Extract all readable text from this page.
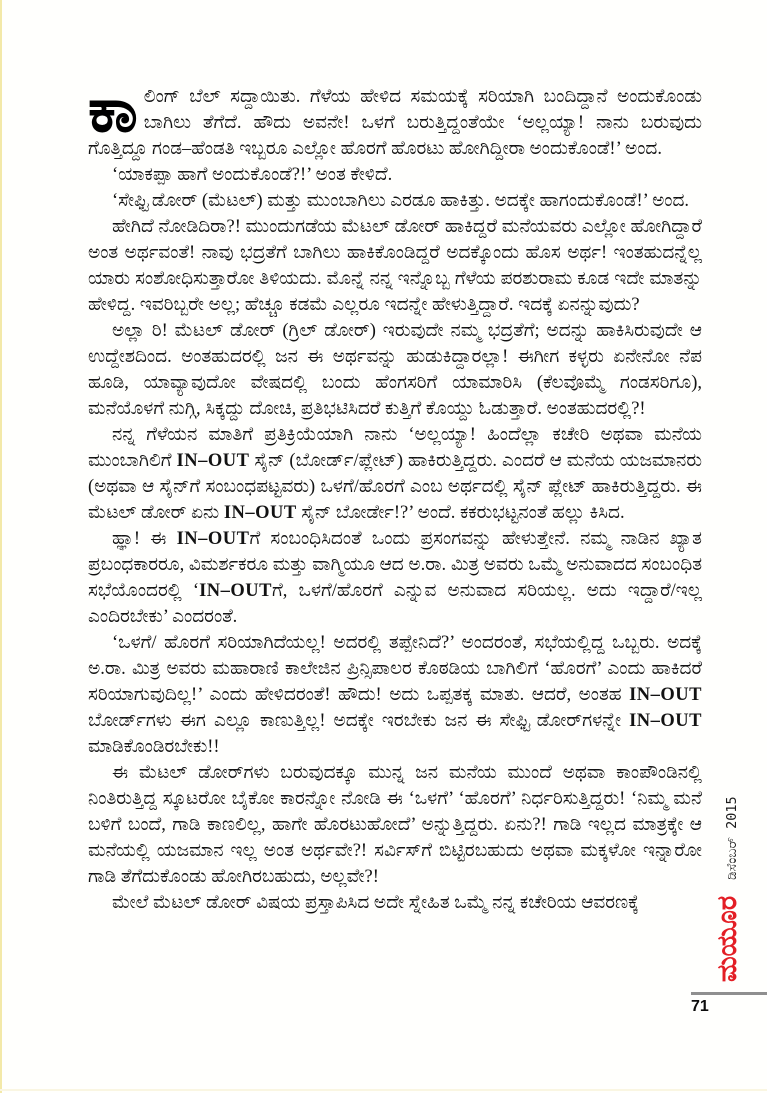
ಕಾಲಿಂಗ್ ಬೆಲ್ ಸದ್ದಾಯಿತು. ಗೆಳೆಯ ಹೇಳಿದ ಸಮಯಕ್ಕೆ ಸರಿಯಾಗಿ ಬಂದಿದ್ದಾನೆ ಅಂದುಕೊಂಡು ಬಾಗಿಲು ತೆಗೆದೆ. ಹೌದು ಅವನೇ! ಒಳಗೆ ಬರುತ್ತಿದ್ದಂತೆಯೇ ‘ಅಲ್ಲಯ್ಯಾ! ನಾನು ಬರುವುದು ಗೊತ್ತಿದ್ದೂ ಗಂಡ–ಹೆಂಡತಿ ಇಬ್ಬರೂ ಎಲ್ಲೋ ಹೊರಗೆ ಹೊರಟು ಹೋಗಿದ್ದೀರಾ ಅಂದುಕೊಂಡೆ!’ ಅಂದ.

‘ಯಾಕಪ್ಪಾ ಹಾಗೆ ಅಂದುಕೊಂಡೆ?!’ ಅಂತ ಕೇಳಿದೆ.

‘ಸೇಫ್ಟಿ ಡೋರ್ (ಮೆಟಲ್) ಮತ್ತು ಮುಂಬಾಗಿಲು ಎರಡೂ ಹಾಕಿತ್ತು. ಅದಕ್ಕೇ ಹಾಗಂದುಕೊಂಡೆ!’ ಅಂದ.

ಹೇಗಿದೆ ನೋಡಿದಿರಾ?! ಮುಂದುಗಡೆಯ ಮೆಟಲ್ ಡೋರ್ ಹಾಕಿದ್ದರೆ ಮನೆಯವರು ಎಲ್ಲೋ ಹೋಗಿದ್ದಾರೆ ಅಂತ ಅರ್ಥವಂತೆ! ನಾವು ಭದ್ರತೆಗೆ ಬಾಗಿಲು ಹಾಕಿಕೊಂಡಿದ್ದರೆ ಅದಕ್ಕೊಂದು ಹೊಸ ಅರ್ಥ! ಇಂತಹುದನ್ನೆಲ್ಲ ಯಾರು ಸಂಶೋಧಿಸುತ್ತಾರೋ ತಿಳಿಯದು. ಮೊನ್ನೆ ನನ್ನ ಇನ್ನೊಬ್ಬ ಗೆಳೆಯ ಪರಶುರಾಮ ಕೂಡ ಇದೇ ಮಾತನ್ನು ಹೇಳಿದ್ದ. ಇವರಿಬ್ಬರೇ ಅಲ್ಲ; ಹೆಚ್ಚೂ ಕಡಮೆ ಎಲ್ಲರೂ ಇದನ್ನೇ ಹೇಳುತ್ತಿದ್ದಾರೆ. ಇದಕ್ಕೆ ಏನನ್ನುವುದು?

ಅಲ್ಲಾ ರಿ! ಮೆಟಲ್ ಡೋರ್ (ಗ್ರಿಲ್ ಡೋರ್) ಇರುವುದೇ ನಮ್ಮ ಭದ್ರತೆಗೆ; ಅದನ್ನು ಹಾಕಿಸಿರುವುದೇ ಆ ಉದ್ದೇಶದಿಂದ. ಅಂತಹುದರಲ್ಲಿ ಜನ ಈ ಅರ್ಥವನ್ನು ಹುಡುಕಿದ್ದಾರಲ್ಲಾ! ಈಗೀಗ ಕಳ್ಳರು ಏನೇನೋ ನೆಪ ಹೂಡಿ, ಯಾವ್ಯಾವುದೋ ವೇಷದಲ್ಲಿ ಬಂದು ಹೆಂಗಸರಿಗೆ ಯಾಮಾರಿಸಿ (ಕೆಲವೊಮ್ಮೆ ಗಂಡಸರಿಗೂ), ಮನೆಯೊಳಗೆ ನುಗ್ಗಿ, ಸಿಕ್ಕದ್ದು ದೋಚಿ, ಪ್ರತಿಭಟಿಸಿದರೆ ಕುತ್ತಿಗೆ ಕೊಯ್ದು ಓಡುತ್ತಾರೆ. ಅಂತಹುದರಲ್ಲಿ?!

ನನ್ನ ಗೆಳೆಯನ ಮಾತಿಗೆ ಪ್ರತಿಕ್ರಿಯೆಯಾಗಿ ನಾನು ‘ಅಲ್ಲಯ್ಯಾ! ಹಿಂದೆಲ್ಲಾ ಕಚೇರಿ ಅಥವಾ ಮನೆಯ ಮುಂಬಾಗಿಲಿಗೆ IN–OUT ಸೈನ್ (ಬೋರ್ಡ್/ಪ್ಲೇಟ್) ಹಾಕಿರುತ್ತಿದ್ದರು. ಎಂದರೆ ಆ ಮನೆಯ ಯಜಮಾನರು (ಅಥವಾ ಆ ಸೈನ್‌ಗೆ ಸಂಬಂಧಪಟ್ಟವರು) ಒಳಗೆ/ಹೊರಗೆ ಎಂಬ ಅರ್ಥದಲ್ಲಿ ಸೈನ್ ಪ್ಲೇಟ್ ಹಾಕಿರುತ್ತಿದ್ದರು. ಈ ಮೆಟಲ್ ಡೋರ್ ಏನು IN–OUT ಸೈನ್ ಬೋರ್ಡೇ!?’ ಅಂದೆ. ಕಕರುಭಟ್ಟನಂತೆ ಹಲ್ಲು ಕಿಸಿದ.

ಹ್ಞಾ! ಈ IN–OUTಗೆ ಸಂಬಂಧಿಸಿದಂತೆ ಒಂದು ಪ್ರಸಂಗವನ್ನು ಹೇಳುತ್ತೇನೆ. ನಮ್ಮ ನಾಡಿನ ಖ್ಯಾತ ಪ್ರಬಂಧಕಾರರೂ, ವಿಮರ್ಶಕರೂ ಮತ್ತು ವಾಗ್ಮಿಯೂ ಆದ ಅ.ರಾ. ಮಿತ್ರ ಅವರು ಒಮ್ಮೆ ಅನುವಾದದ ಸಂಬಂಧಿತ ಸಭೆಯೊಂದರಲ್ಲಿ ‘IN–OUTಗೆ, ಒಳಗೆ/ಹೊರಗೆ ಎನ್ನುವ ಅನುವಾದ ಸರಿಯಲ್ಲ. ಅದು ಇದ್ದಾರೆ/ಇಲ್ಲ ಎಂದಿರಬೇಕು’ ಎಂದರಂತೆ.

‘ಒಳಗೆ/ ಹೊರಗೆ ಸರಿಯಾಗಿದೆಯಲ್ಲ! ಅದರಲ್ಲಿ ತಪ್ಪೇನಿದೆ?’ ಅಂದರಂತೆ, ಸಭೆಯಲ್ಲಿದ್ದ ಒಬ್ಬರು. ಅದಕ್ಕೆ ಅ.ರಾ. ಮಿತ್ರ ಅವರು ಮಹಾರಾಣಿ ಕಾಲೇಜಿನ ಪ್ರಿನ್ಸಿಪಾಲರ ಕೊಠಡಿಯ ಬಾಗಿಲಿಗೆ ‘ಹೊರಗೆ’ ಎಂದು ಹಾಕಿದರೆ ಸರಿಯಾಗುವುದಿಲ್ಲ!’ ಎಂದು ಹೇಳಿದರಂತೆ! ಹೌದು! ಅದು ಒಪ್ಪತಕ್ಕ ಮಾತು. ಆದರೆ, ಅಂತಹ IN–OUT ಬೋರ್ಡ್‌ಗಳು ಈಗ ಎಲ್ಲೂ ಕಾಣುತ್ತಿಲ್ಲ! ಅದಕ್ಕೇ ಇರಬೇಕು ಜನ ಈ ಸೇಫ್ಟಿ ಡೋರ್‌ಗಳನ್ನೇ IN–OUT ಮಾಡಿಕೊಂಡಿರಬೇಕು!!

ಈ ಮೆಟಲ್ ಡೋರ್‌ಗಳು ಬರುವುದಕ್ಕೂ ಮುನ್ನ ಜನ ಮನೆಯ ಮುಂದೆ ಅಥವಾ ಕಾಂಪೌಂಡಿನಲ್ಲಿ ನಿಂತಿರುತ್ತಿದ್ದ ಸ್ಕೂಟರೋ ಬೈಕೋ ಕಾರನ್ನೋ ನೋಡಿ ಈ ‘ಒಳಗೆ’ ‘ಹೊರಗೆ’ ನಿರ್ಧರಿಸುತ್ತಿದ್ದರು! ‘ನಿಮ್ಮ ಮನೆ ಬಳಿಗೆ ಬಂದೆ, ಗಾಡಿ ಕಾಣಲಿಲ್ಲ, ಹಾಗೇ ಹೊರಟುಹೋದೆ’ ಅನ್ನುತ್ತಿದ್ದರು. ಏನು?! ಗಾಡಿ ಇಲ್ಲದ ಮಾತ್ರಕ್ಕೇ ಆ ಮನೆಯಲ್ಲಿ ಯಜಮಾನ ಇಲ್ಲ ಅಂತ ಅರ್ಥವೇ?! ಸರ್ವಿಸ್‌ಗೆ ಬಿಟ್ಟಿರಬಹುದು ಅಥವಾ ಮಕ್ಕಳೋ ಇನ್ನಾರೋ ಗಾಡಿ ತೆಗೆದುಕೊಂಡು ಹೋಗಿರಬಹುದು, ಅಲ್ಲವೇ?!

ಮೇಲೆ ಮೆಟಲ್ ಡೋರ್ ವಿಷಯ ಪ್ರಸ್ತಾಪಿಸಿದ ಅದೇ ಸ್ನೇಹಿತ ಒಮ್ಮೆ ನನ್ನ ಕಚೇರಿಯ ಆವರಣಕ್ಕೆ	ಮಯೂರ
ಡಿಸೆಂಬರ್ 2015
71
